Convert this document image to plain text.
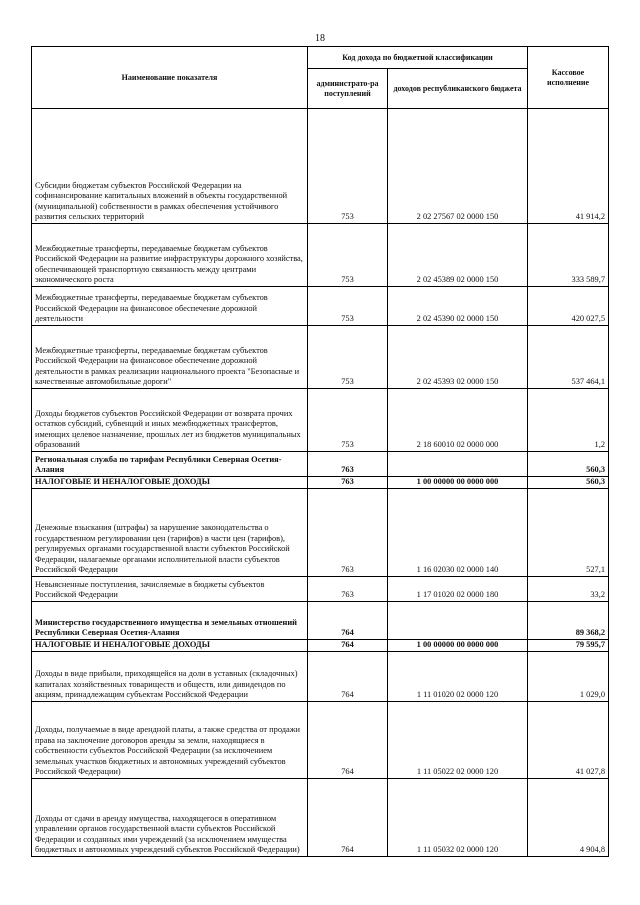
18
Наименование показателя	Код дохода по бюджетной классификации		Кассовое исполнение
	администрато-ра поступлений	доходов республиканского бюджета	
Субсидии бюджетам субъектов Российской Федерации на софинансирование капитальных вложений в объекты государственной (муниципальной) собственности в рамках обеспечения устойчивого развития сельских территорий	753	2 02 27567 02 0000 150	41 914,2
Межбюджетные трансферты, передаваемые бюджетам субъектов Российской Федерации на развитие инфраструктуры дорожного хозяйства, обеспечивающей транспортную связанность между центрами экономического роста	753	2 02 45389 02 0000 150	333 589,7
Межбюджетные трансферты, передаваемые бюджетам субъектов Российской Федерации на финансовое обеспечение дорожной деятельности	753	2 02 45390 02 0000 150	420 027,5
Межбюджетные трансферты, передаваемые бюджетам субъектов Российской Федерации на финансовое обеспечение дорожной деятельности в рамках реализации национального проекта "Безопасные и качественные автомобильные дороги"	753	2 02 45393 02 0000 150	537 464,1
Доходы бюджетов субъектов Российской Федерации от возврата прочих остатков субсидий, субвенций и иных межбюджетных трансфертов, имеющих целевое назначение, прошлых лет из бюджетов муниципальных образований	753	2 18 60010 02 0000 000	1,2
Региональная служба по тарифам Республики Северная Осетия-Алания	763		560,3
НАЛОГОВЫЕ И НЕНАЛОГОВЫЕ ДОХОДЫ	763	1 00 00000 00 0000 000	560,3
Денежные взыскания (штрафы) за нарушение законодательства о государственном регулировании цен (тарифов) в части цен (тарифов), регулируемых органами государственной власти субъектов Российской Федерации, налагаемые органами исполнительной власти субъектов Российской Федерации	763	1 16 02030 02 0000 140	527,1
Невыясненные поступления, зачисляемые в бюджеты субъектов Российской Федерации	763	1 17 01020 02 0000 180	33,2
Министерство государственного имущества и земельных отношений Республики Северная Осетия-Алания	764		89 368,2
НАЛОГОВЫЕ И НЕНАЛОГОВЫЕ ДОХОДЫ	764	1 00 00000 00 0000 000	79 595,7
Доходы в виде прибыли, приходящейся на доли в уставных (складочных) капиталах хозяйственных товариществ и обществ, или дивидендов по акциям, принадлежащим субъектам Российской Федерации	764	1 11 01020 02 0000 120	1 029,0
Доходы, получаемые в виде арендной платы, а также средства от продажи права на заключение договоров аренды за земли, находящиеся в собственности субъектов Российской Федерации (за исключением земельных участков бюджетных и автономных учреждений субъектов Российской Федерации)	764	1 11 05022 02 0000 120	41 027,8
Доходы от сдачи в аренду имущества, находящегося в оперативном управлении органов государственной власти субъектов Российской Федерации и созданных ими учреждений (за исключением имущества бюджетных и автономных учреждений субъектов Российской Федерации)	764	1 11 05032 02 0000 120	4 904,8
